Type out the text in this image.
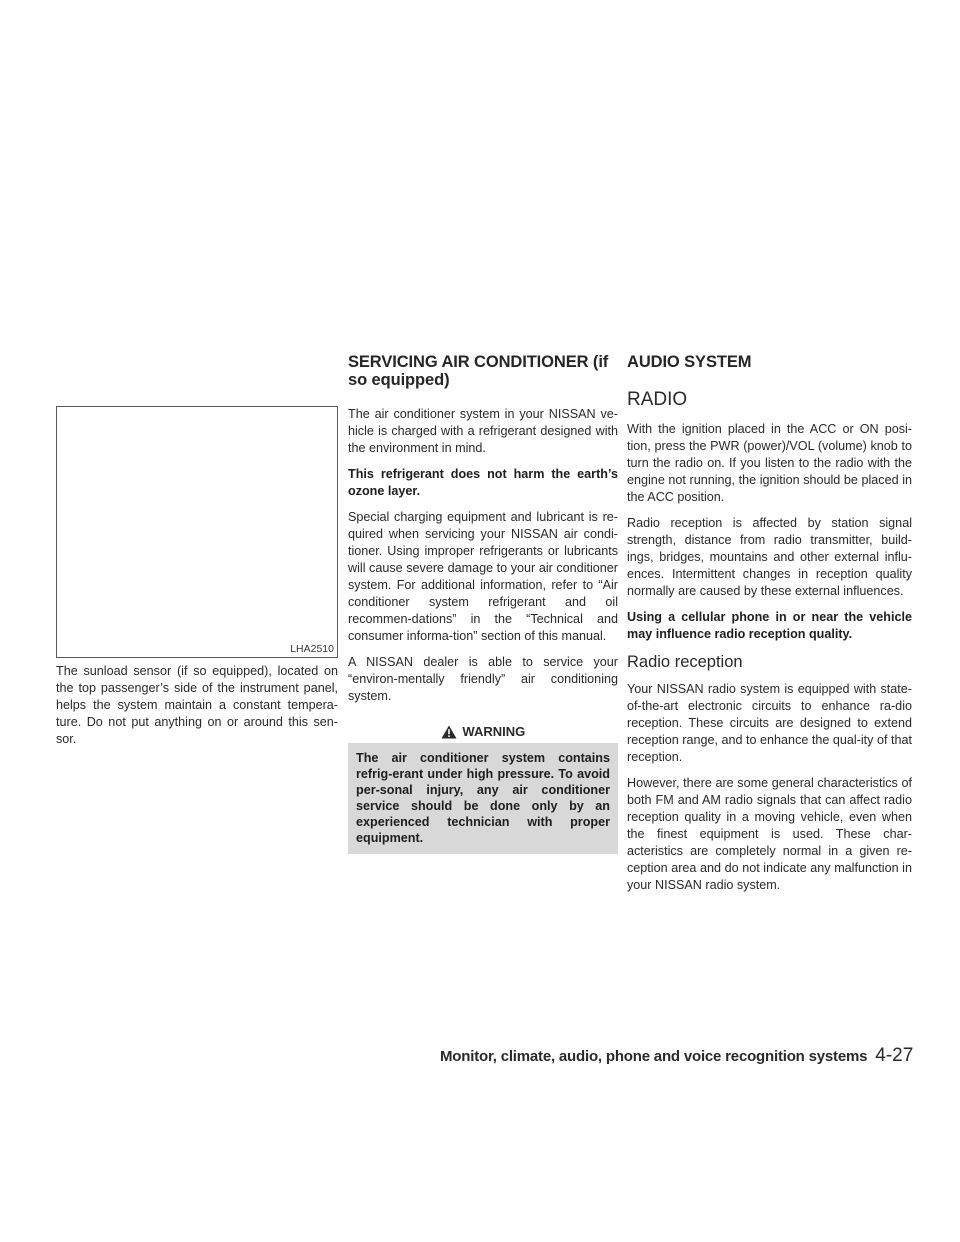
LHA2510

The sunload sensor (if so equipped), located on the top passenger’s side of the instrument panel, helps the system maintain a constant tempera-ture. Do not put anything on or around this sen-sor.

SERVICING AIR CONDITIONER (if so equipped)

The air conditioner system in your NISSAN ve-hicle is charged with a refrigerant designed with the environment in mind.

This refrigerant does not harm the earth’s ozone layer.

Special charging equipment and lubricant is re-quired when servicing your NISSAN air condi-tioner. Using improper refrigerants or lubricants will cause severe damage to your air conditioner system. For additional information, refer to “Air conditioner system refrigerant and oil recommen-dations” in the “Technical and consumer informa-tion” section of this manual.

A NISSAN dealer is able to service your “environ-mentally friendly” air conditioning system.

WARNING
The air conditioner system contains refrig-erant under high pressure. To avoid per-sonal injury, any air conditioner service should be done only by an experienced technician with proper equipment.
AUDIO SYSTEM
RADIO

With the ignition placed in the ACC or ON posi-tion, press the PWR (power)/VOL (volume) knob to turn the radio on. If you listen to the radio with the engine not running, the ignition should be placed in the ACC position.

Radio reception is affected by station signal strength, distance from radio transmitter, build-ings, bridges, mountains and other external influ-ences. Intermittent changes in reception quality normally are caused by these external influences.

Using a cellular phone in or near the vehicle may influence radio reception quality.

Radio reception

Your NISSAN radio system is equipped with state-of-the-art electronic circuits to enhance ra-dio reception. These circuits are designed to extend reception range, and to enhance the qual-ity of that reception.

However, there are some general characteristics of both FM and AM radio signals that can affect radio reception quality in a moving vehicle, even when the finest equipment is used. These char-acteristics are completely normal in a given re-ception area and do not indicate any malfunction in your NISSAN radio system.

Monitor, climate, audio, phone and voice recognition systems 4-27
